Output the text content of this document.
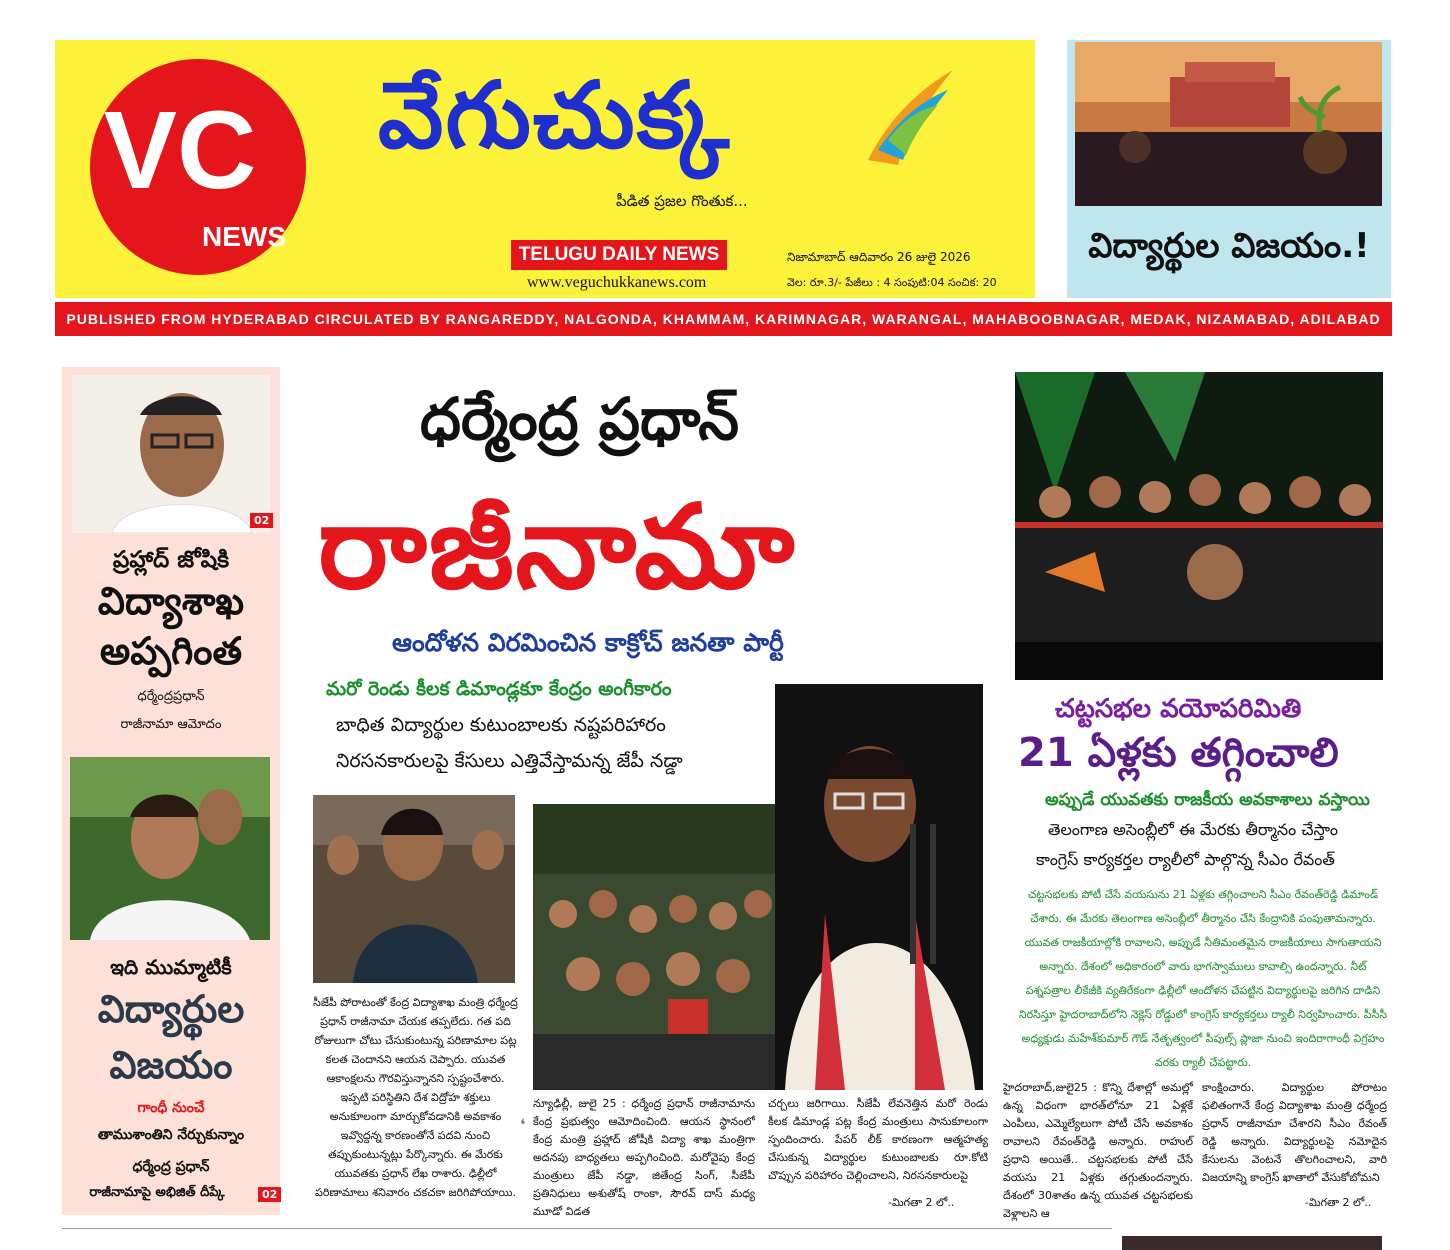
VC
NEWS
వేగుచుక్క
పీడిత ప్రజల గొంతుక...
TELUGU DAILY NEWS
www.veguchukkanews.com
నిజామాబాద్ ఆదివారం 26 జులై 2026
వెల: రూ.3/- పేజీలు : 4 సంపుటి:04 సంచిక: 20
విద్యార్థుల విజయం.!
PUBLISHED FROM HYDERABAD CIRCULATED BY RANGAREDDY, NALGONDA, KHAMMAM, KARIMNAGAR, WARANGAL, MAHABOOBNAGAR, MEDAK, NIZAMABAD, ADILABAD
02
ప్రహ్లాద్ జోషికి
విద్యాశాఖ
అప్పగింత
ధర్మేంద్రప్రధాన్
రాజీనామా ఆమోదం
ఇది ముమ్మాటికీ
విద్యార్థుల
విజయం
గాంధీ నుంచే
తాముశాంతిని నేర్చుకున్నాం
ధర్మేంద్ర ప్రధాన్
రాజీనామాపై అభిజిత్ దీప్కే	02
ధర్మేంద్ర ప్రధాన్
రాజీనామా
ఆందోళన విరమించిన కాక్రోచ్ జనతా పార్టీ
మరో రెండు కీలక డిమాండ్లకూ కేంద్రం అంగీకారం
బాధిత విద్యార్థుల కుటుంబాలకు నష్టపరిహారం
నిరసనకారులపై కేసులు ఎత్తివేస్తామన్న జేపీ నడ్డా
సీజేపీ పోరాటంతో కేంద్ర విద్యాశాఖ మంత్రి ధర్మేంద్ర ప్రధాన్ రాజీనామా చేయక తప్పలేదు. గత పది రోజులుగా చోటు చేసుకుంటున్న పరిణామాల పట్ల కలత చెందానని ఆయన చెప్పారు. యువత ఆకాంక్షలను గౌరవిస్తున్నానని స్పష్టంచేశారు. ఇప్పటి పరిస్థితిని దేశ విద్రోహ శక్తులు అనుకూలంగా మార్చుకోవడానికి అవకాశం ఇవ్వొద్దన్న కారణంతోనే పదవి నుంచి తప్పుకుంటున్నట్లు పేర్కొన్నారు. ఈ మేరకు యువతకు ప్రధాన్ లేఖ రాశారు. ఢిల్లీలో పరిణామాలు శనివారం చకచకా జరిగిపోయాయి.
❛
న్యూఢిల్లీ, జులై 25 : ధర్మేంద్ర ప్రధాన్ రాజీనామాను కేంద్ర ప్రభుత్వం ఆమోదించింది. ఆయన స్థానంలో కేంద్ర మంత్రి ప్రహ్లాద్ జోషీకి విద్యా శాఖ మంత్రిగా అదనపు బాధ్యతలు అప్పగించింది. మరోవైపు కేంద్ర మంత్రులు జేపీ నడ్డా, జితేంద్ర సింగ్, సీజేపీ ప్రతినిధులు అశుతోష్ రాంకా, సౌరవ్ దాస్ మధ్య మూడో విడత
చర్చలు జరిగాయి. సీజేపీ లేవనెత్తిన మరో రెండు కీలక డిమాండ్ల పట్ల కేంద్ర మంత్రులు సానుకూలంగా స్పందించారు. పేపర్ లీక్ కారణంగా ఆత్మహత్య చేసుకున్న విద్యార్థుల కుటుంబాలకు రూ.కోటి చొప్పున పరిహారం చెల్లించాలని, నిరసనకారులపై
-మిగతా 2 లో..
చట్టసభల వయోపరిమితి
21 ఏళ్లకు తగ్గించాలి
అప్పుడే యువతకు రాజకీయ అవకాశాలు వస్తాయి
తెలంగాణ అసెంబ్లీలో ఈ మేరకు తీర్మానం చేస్తాం
కాంగ్రెస్ కార్యకర్తల ర్యాలీలో పాల్గొన్న సీఎం రేవంత్
చట్టసభలకు పోటీ చేసే వయసును 21 ఏళ్లకు తగ్గించాలని సీఎం రేవంత్‌రెడ్డి డిమాండ్ చేశారు. ఈ మేరకు తెలంగాణ అసెంబ్లీలో తీర్మానం చేసి కేంద్రానికి పంపుతామన్నారు. యువత రాజకీయాల్లోకి రావాలని, అప్పుడే నీతిమంతమైన రాజకీయాలు సాగుతాయని అన్నారు. దేశంలో అధికారంలో వారు భాగస్వాములు కావాల్సి ఉందన్నారు. నీట్ పశ్నపత్రాల లీకేజీకి వ్యతిరేకంగా ఢిల్లీలో ఆందోళన చేపట్టిన విద్యార్థులపై జరిగిన దాడిని నిరసిస్తూ హైదరాబాద్‌లోని నెక్లెస్ రోడ్డులో కాంగ్రెస్ కార్యకర్తలు ర్యాలీ నిర్వహించారు. పీసీసీ అధ్యక్షుడు మహేశ్‌కుమార్ గౌడ్ నేతృత్వంలో పీపుల్స్ ప్లాజా నుంచి ఇందిరాగాంధీ విగ్రహం వరకు ర్యాలీ చేపట్టారు.
హైదరాబాద్,జులై25 : కొన్ని దేశాల్లో అమల్లో ఉన్న విధంగా భారత్‌లోనూ 21 ఏళ్లకే ఎంపీలు, ఎమ్మెల్యేలుగా పోటీ చేసే అవకాశం రావాలని రేవంత్‌రెడ్డి అన్నారు. రాహుల్ ప్రధాని అయితే.. చట్టసభలకు పోటీ చేసే వయసు 21 ఏళ్లకు తగ్గుతుందన్నారు. దేశంలో 30శాతం ఉన్న యువత చట్టసభలకు వెళ్లాలని ఆ
కాంక్షించారు. విద్యార్థుల పోరాటం ఫలితంగానే కేంద్ర విద్యాశాఖ మంత్రి ధర్మేంద్ర ప్రధాన్ రాజీనామా చేశారని సీఎం రేవంత్ రెడ్డి అన్నారు. విద్యార్థులపై నమోదైన కేసులను వెంటనే తొలగించాలని, వారి విజయాన్ని కాంగ్రెస్ ఖాతాలో వేసుకోబోమని
-మిగతా 2 లో..
